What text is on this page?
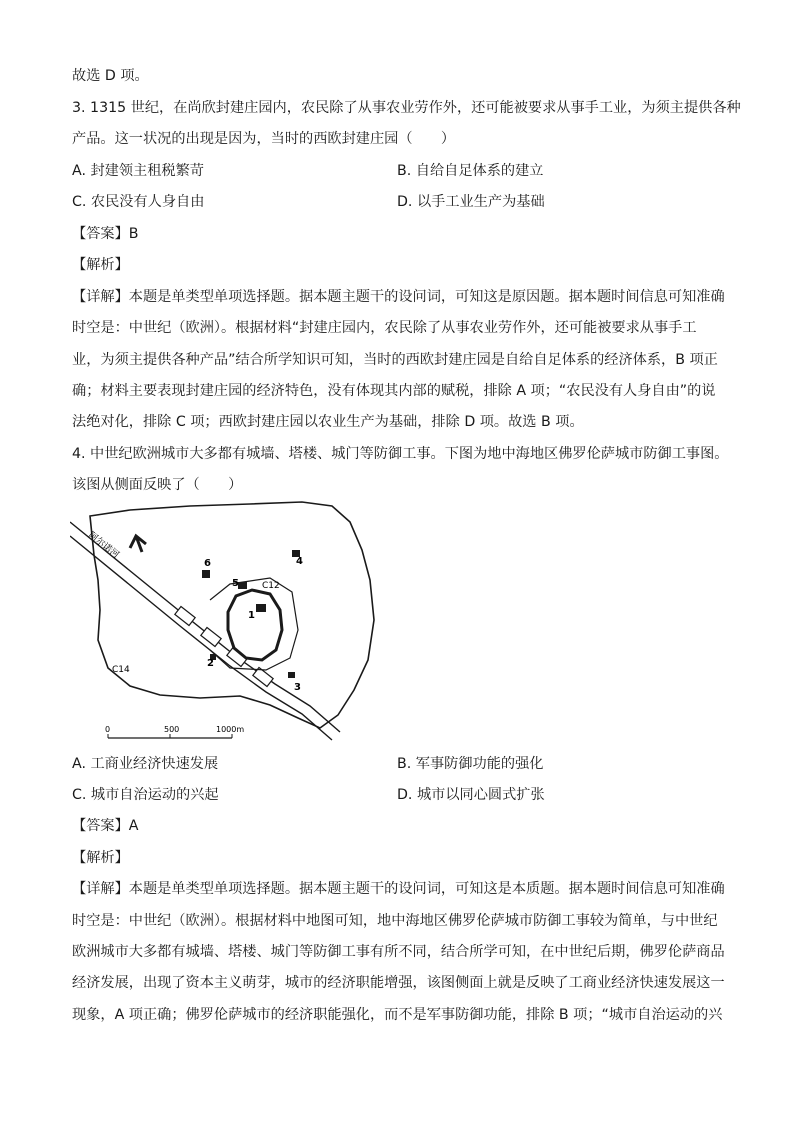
故选 D 项。
3. 1315 世纪，在尚欣封建庄园内，农民除了从事农业劳作外，还可能被要求从事手工业，为须主提供各种
产品。这一状况的出现是因为，当时的西欧封建庄园（　　）
A. 封建领主租税繁苛	B. 自给自足体系的建立
C. 农民没有人身自由	D. 以手工业生产为基础
【答案】B
【解析】
【详解】本题是单类型单项选择题。据本题主题干的设问词，可知这是原因题。据本题时间信息可知准确
时空是：中世纪（欧洲）。根据材料“封建庄园内，农民除了从事农业劳作外，还可能被要求从事手工
业，为须主提供各种产品”结合所学知识可知，当时的西欧封建庄园是自给自足体系的经济体系，B 项正
确；材料主要表现封建庄园的经济特色，没有体现其内部的赋税，排除 A 项；“农民没有人身自由”的说
法绝对化，排除 C 项；西欧封建庄园以农业生产为基础，排除 D 项。故选 B 项。
4. 中世纪欧洲城市大多都有城墙、塔楼、城门等防御工事。下图为地中海地区佛罗伦萨城市防御工事图。
该图从侧面反映了（　　）
阿尔诺河
1
2
3
4
5
6
C12
C14
0	500	1000m
A. 工商业经济快速发展	B. 军事防御功能的强化
C. 城市自治运动的兴起	D. 城市以同心圆式扩张
【答案】A
【解析】
【详解】本题是单类型单项选择题。据本题主题干的设问词，可知这是本质题。据本题时间信息可知准确
时空是：中世纪（欧洲）。根据材料中地图可知，地中海地区佛罗伦萨城市防御工事较为简单，与中世纪
欧洲城市大多都有城墙、塔楼、城门等防御工事有所不同，结合所学可知，在中世纪后期，佛罗伦萨商品
经济发展，出现了资本主义萌芽，城市的经济职能增强，该图侧面上就是反映了工商业经济快速发展这一
现象，A 项正确；佛罗伦萨城市的经济职能强化，而不是军事防御功能，排除 B 项；“城市自治运动的兴
